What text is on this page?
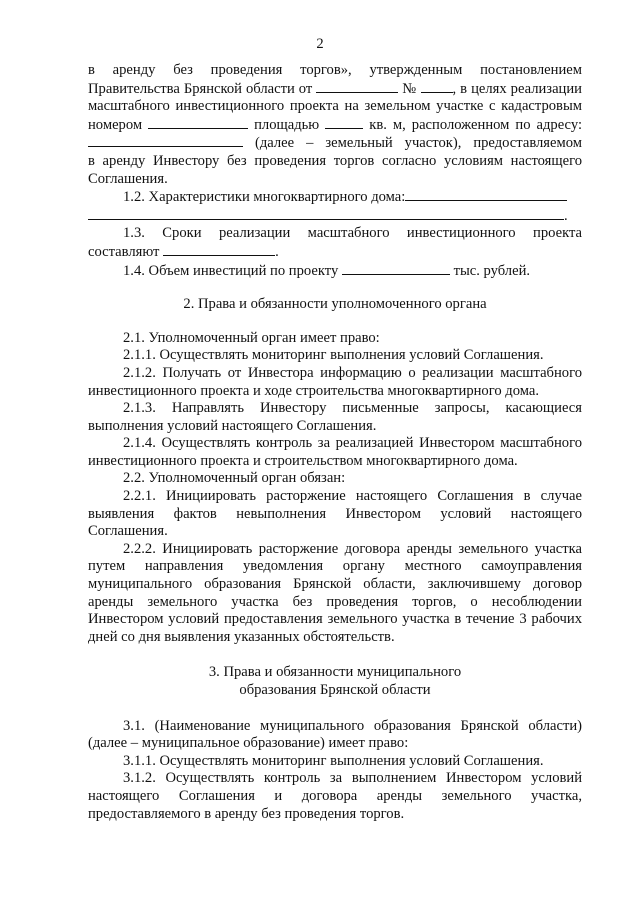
2

в аренду без проведения торгов», утвержденным постановлением

Правительства Брянской области от	№ , в целях реализации

масштабного инвестиционного проекта на земельном участке с кадастровым

номером	площадью	кв. м, расположенном по адресу:

(далее – земельный участок), предоставляемом

в аренду Инвестору без проведения торгов согласно условиям настоящего

Соглашения.

1.2. Характеристики многоквартирного дома:

.

1.3. Сроки реализации масштабного инвестиционного проекта

составляют	.

1.4. Объем инвестиций по проекту	тыс. рублей.

2. Права и обязанности уполномоченного органа

2.1. Уполномоченный орган имеет право:

2.1.1. Осуществлять мониторинг выполнения условий Соглашения.

2.1.2. Получать от Инвестора информацию о реализации масштабного

инвестиционного проекта и ходе строительства многоквартирного дома.

2.1.3. Направлять Инвестору письменные запросы, касающиеся

выполнения условий настоящего Соглашения.

2.1.4. Осуществлять контроль за реализацией Инвестором масштабного

инвестиционного проекта и строительством многоквартирного дома.

2.2. Уполномоченный орган обязан:

2.2.1. Инициировать расторжение настоящего Соглашения в случае

выявления фактов невыполнения Инвестором условий настоящего

Соглашения.

2.2.2. Инициировать расторжение договора аренды земельного участка

путем направления уведомления органу местного самоуправления

муниципального образования Брянской области, заключившему договор

аренды земельного участка без проведения торгов, о несоблюдении

Инвестором условий предоставления земельного участка в течение 3 рабочих

дней со дня выявления указанных обстоятельств.

3. Права и обязанности муниципального

образования Брянской области

3.1. (Наименование муниципального образования Брянской области)

(далее – муниципальное образование) имеет право:

3.1.1. Осуществлять мониторинг выполнения условий Соглашения.

3.1.2. Осуществлять контроль за выполнением Инвестором условий

настоящего Соглашения и договора аренды земельного участка,

предоставляемого в аренду без проведения торгов.
